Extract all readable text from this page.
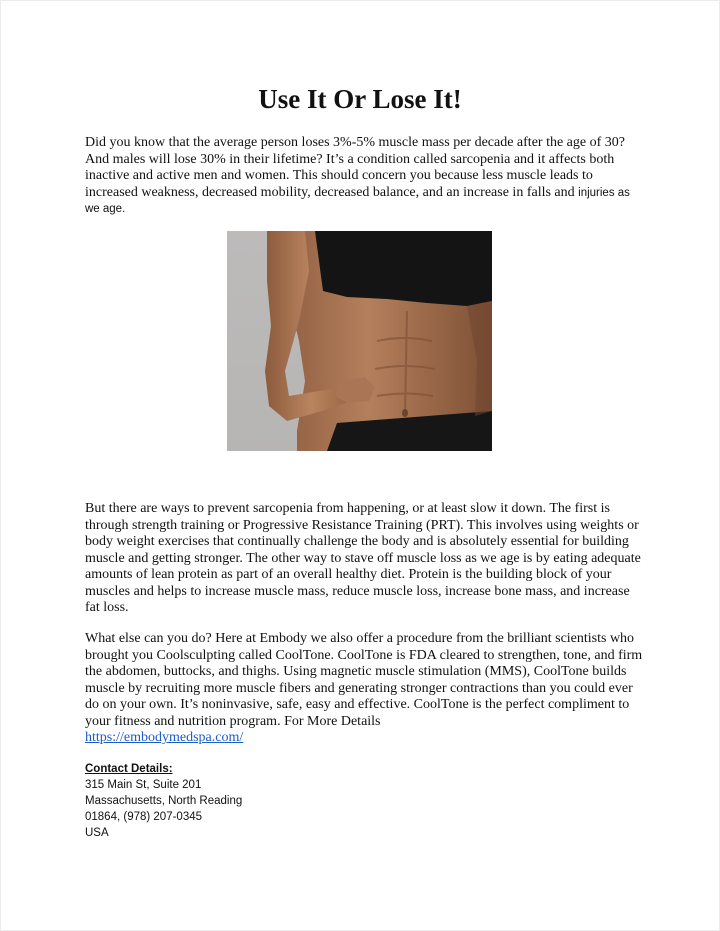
Use It Or Lose It!

Did you know that the average person loses 3%-5% muscle mass per decade after the age of 30? And males will lose 30% in their lifetime? It’s a condition called sarcopenia and it affects both inactive and active men and women. This should concern you because less muscle leads to increased weakness, decreased mobility, decreased balance, and an increase in falls and injuries as we age.

But there are ways to prevent sarcopenia from happening, or at least slow it down. The first is through strength training or Progressive Resistance Training (PRT). This involves using weights or body weight exercises that continually challenge the body and is absolutely essential for building muscle and getting stronger. The other way to stave off muscle loss as we age is by eating adequate amounts of lean protein as part of an overall healthy diet. Protein is the building block of your muscles and helps to increase muscle mass, reduce muscle loss, increase bone mass, and increase fat loss.

What else can you do? Here at Embody we also offer a procedure from the brilliant scientists who brought you Coolsculpting called CoolTone. CoolTone is FDA cleared to strengthen, tone, and firm the abdomen, buttocks, and thighs. Using magnetic muscle stimulation (MMS), CoolTone builds muscle by recruiting more muscle fibers and generating stronger contractions than you could ever do on your own. It’s noninvasive, safe, easy and effective. CoolTone is the perfect compliment to your fitness and nutrition program. For More Details
https://embodymedspa.com/

Contact Details:
315 Main St, Suite 201
Massachusetts, North Reading
01864, (978) 207-0345
USA
